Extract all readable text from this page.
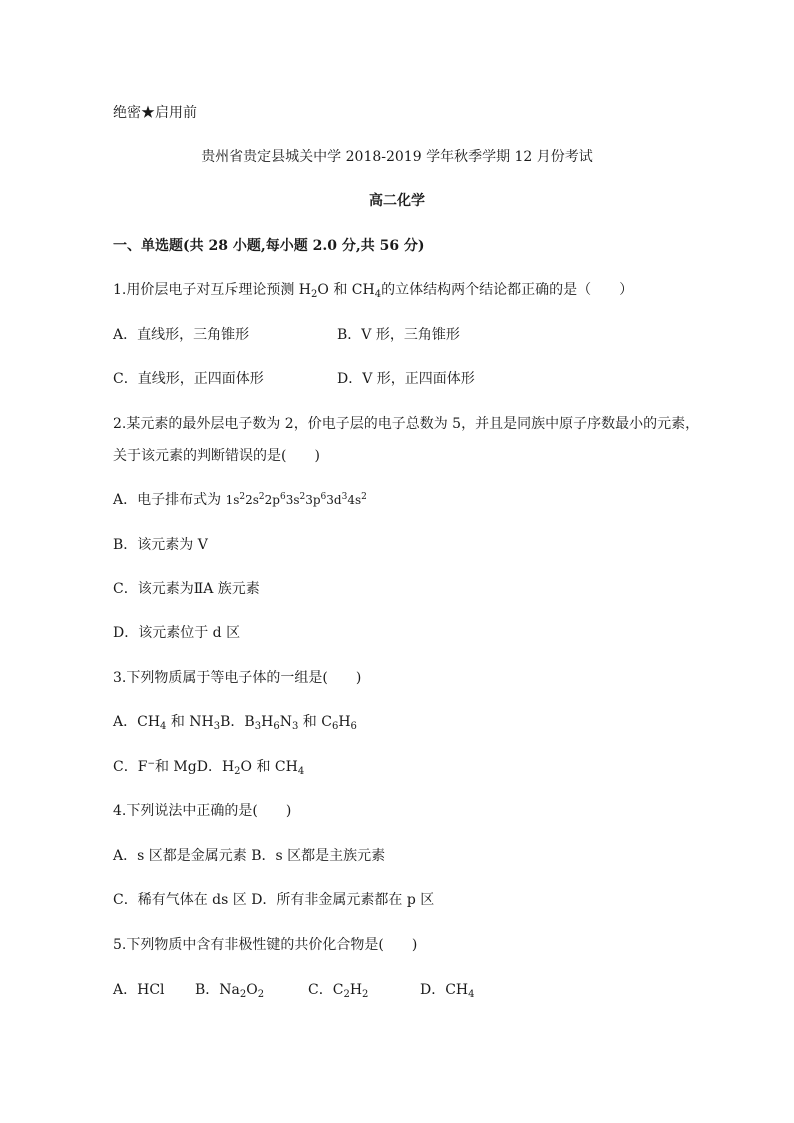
绝密★启用前
贵州省贵定县城关中学 2018-2019 学年秋季学期 12 月份考试
高二化学
一、单选题(共 28 小题,每小题 2.0 分,共 56 分)
1.用价层电子对互斥理论预测 $H_2O$ 和 $CH_4$的立体结构两个结论都正确的是（　　）
A．直线形，三角锥形	B．V 形，三角锥形
C．直线形，正四面体形	D．V 形，正四面体形
2.某元素的最外层电子数为 2，价电子层的电子总数为 5，并且是同族中原子序数最小的元素，
关于该元素的判断错误的是(　　)
A．电子排布式为 $1s^22s^22p^63s^23p^63d^34s^2$
B．该元素为 V
C．该元素为ⅡA 族元素
D．该元素位于 d 区
3.下列物质属于等电子体的一组是(　　)
A．$CH_4$ 和 $NH_3B$．$B_3H_6N_3$ 和 $C_6H_6$
C．F−和 MgD．$H_2O$ 和 $CH_4$
4.下列说法中正确的是(　　)
A．s 区都是金属元素 B．s 区都是主族元素
C．稀有气体在 ds 区 D．所有非金属元素都在 p 区
5.下列物质中含有非极性键的共价化合物是(　　)
A．HCl B．$Na_2O_2$	C．$C_2H_2$	D．$CH_4$
